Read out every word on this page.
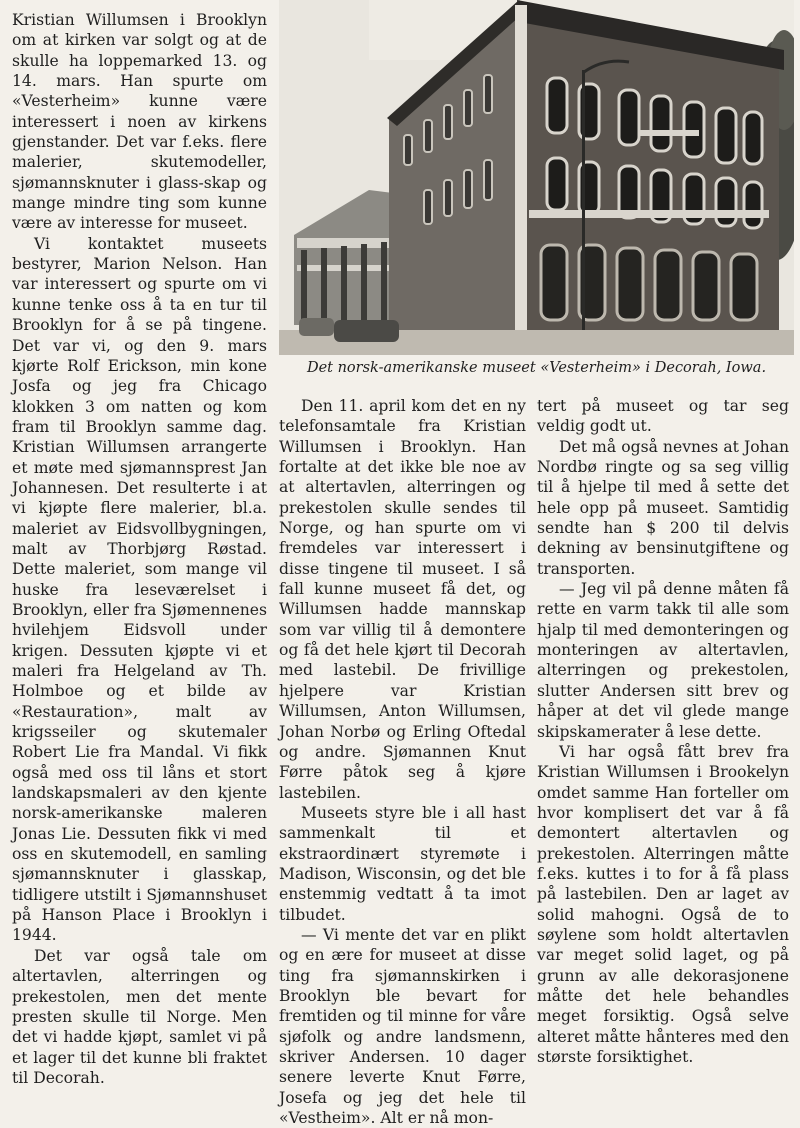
Kristian Willumsen i Brooklyn om at kirken var solgt og at de skulle ha loppemarked 13. og 14. mars. Han spurte om «Vesterheim» kunne være interessert i noen av kirkens gjenstander. Det var f.eks. flere malerier, skutemodeller, sjømannsknuter i glass-skap og mange mindre ting som kunne være av interesse for museet.

Vi kontaktet museets bestyrer, Marion Nelson. Han var interessert og spurte om vi kunne tenke oss å ta en tur til Brooklyn for å se på tingene. Det var vi, og den 9. mars kjørte Rolf Erickson, min kone Josfa og jeg fra Chicago klokken 3 om natten og kom fram til Brooklyn samme dag. Kristian Willumsen arrangerte et møte med sjømannsprest Jan Johannesen. Det resulterte i at vi kjøpte flere malerier, bl.a. maleriet av Eidsvollbygningen, malt av Thorbjørg Røstad. Dette maleriet, som mange vil huske fra leseværelset i Brooklyn, eller fra Sjømennenes hvilehjem Eidsvoll under krigen. Dessuten kjøpte vi et maleri fra Helgeland av Th. Holmboe og et bilde av «Restauration», malt av krigsseiler og skutemaler Robert Lie fra Mandal. Vi fikk også med oss til låns et stort landskapsmaleri av den kjente norsk-amerikanske maleren Jonas Lie. Dessuten fikk vi med oss en skutemodell, en samling sjømannsknuter i glasskap, tidligere utstilt i Sjømannshuset på Hanson Place i Brooklyn i 1944.

Det var også tale om altertavlen, alterringen og prekestolen, men det mente presten skulle til Norge. Men det vi hadde kjøpt, samlet vi på et lager til det kunne bli fraktet til Decorah.

Det norsk-amerikanske museet «Vesterheim» i Decorah, Iowa.

Den 11. april kom det en ny telefonsamtale fra Kristian Willumsen i Brooklyn. Han fortalte at det ikke ble noe av at altertavlen, alterringen og prekestolen skulle sendes til Norge, og han spurte om vi fremdeles var interessert i disse tingene til museet. I så fall kunne museet få det, og Willumsen hadde mannskap som var villig til å demontere og få det hele kjørt til Decorah med lastebil. De frivillige hjelpere var Kristian Willumsen, Anton Willumsen, Johan Norbø og Erling Oftedal og andre. Sjømannen Knut Førre påtok seg å kjøre lastebilen.

Museets styre ble i all hast sammenkalt til et ekstraordinært styremøte i Madison, Wisconsin, og det ble enstemmig vedtatt å ta imot tilbudet.

— Vi mente det var en plikt og en ære for museet at disse ting fra sjømannskirken i Brooklyn ble bevart for fremtiden og til minne for våre sjøfolk og andre landsmenn, skriver Andersen. 10 dager senere leverte Knut Førre, Josefa og jeg det hele til «Vestheim». Alt er nå mon-

tert på museet og tar seg veldig godt ut.

Det må også nevnes at Johan Nordbø ringte og sa seg villig til å hjelpe til med å sette det hele opp på museet. Samtidig sendte han $ 200 til delvis dekning av bensinutgiftene og transporten.

— Jeg vil på denne måten få rette en varm takk til alle som hjalp til med demonteringen og monteringen av altertavlen, alterringen og prekestolen, slutter Andersen sitt brev og håper at det vil glede mange skipskamerater å lese dette.

Vi har også fått brev fra Kristian Willumsen i Brookelyn omdet samme Han forteller om hvor komplisert det var å få demontert altertavlen og prekestolen. Alterringen måtte f.eks. kuttes i to for å få plass på lastebilen. Den ar laget av solid mahogni. Også de to søylene som holdt altertavlen var meget solid laget, og på grunn av alle dekorasjonene måtte det hele behandles meget forsiktig. Også selve alteret måtte hånteres med den største forsiktighet.
